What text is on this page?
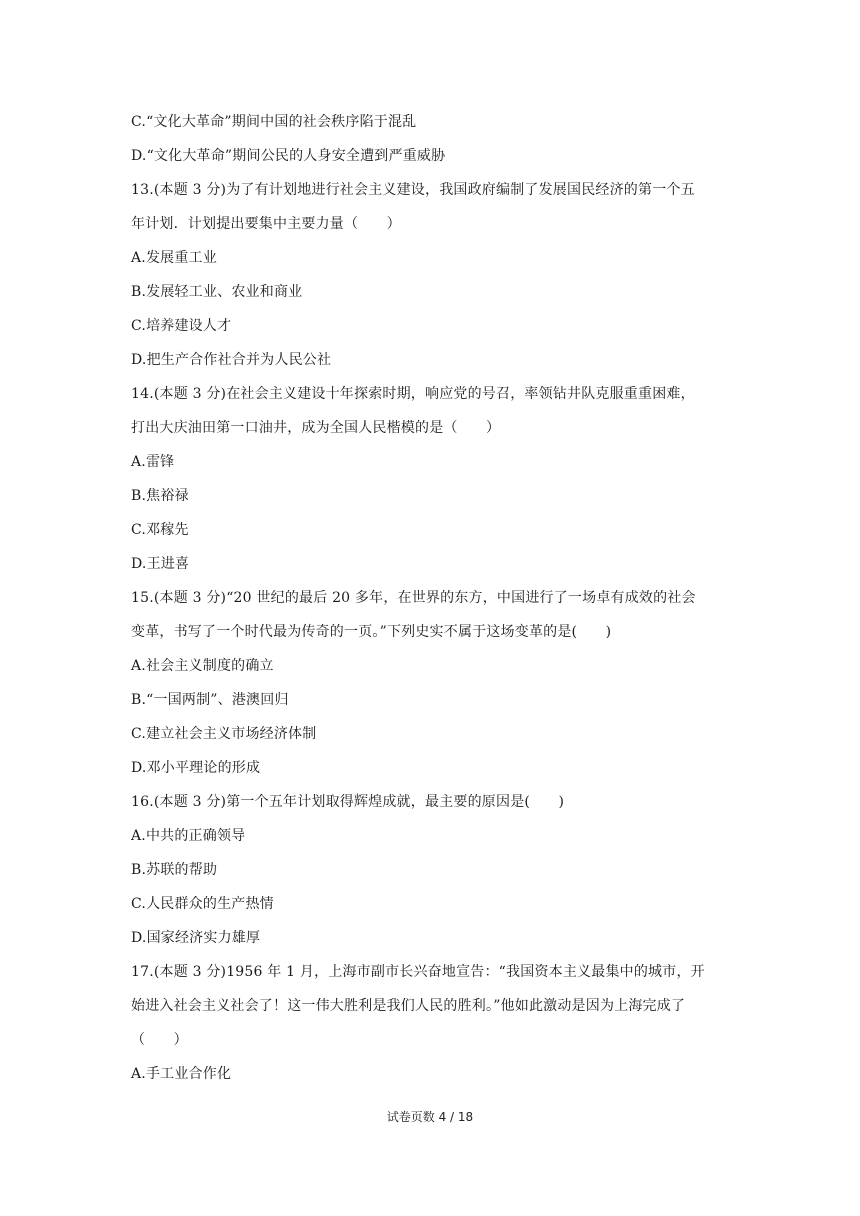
C.“文化大革命”期间中国的社会秩序陷于混乱
D.“文化大革命”期间公民的人身安全遭到严重威胁
13.(本题 3 分)为了有计划地进行社会主义建设，我国政府编制了发展国民经济的第一个五
年计划．计划提出要集中主要力量（　　）
A.发展重工业
B.发展轻工业、农业和商业
C.培养建设人才
D.把生产合作社合并为人民公社
14.(本题 3 分)在社会主义建设十年探索时期，响应党的号召，率领钻井队克服重重困难，
打出大庆油田第一口油井，成为全国人民楷模的是（　　）
A.雷锋
B.焦裕禄
C.邓稼先
D.王进喜
15.(本题 3 分)“20 世纪的最后 20 多年，在世界的东方，中国进行了一场卓有成效的社会
变革，书写了一个时代最为传奇的一页。”下列史实不属于这场变革的是(　　)
A.社会主义制度的确立
B.“一国两制”、港澳回归
C.建立社会主义市场经济体制
D.邓小平理论的形成
16.(本题 3 分)第一个五年计划取得辉煌成就，最主要的原因是(　　)
A.中共的正确领导
B.苏联的帮助
C.人民群众的生产热情
D.国家经济实力雄厚
17.(本题 3 分)1956 年 1 月，上海市副市长兴奋地宣告：“我国资本主义最集中的城市，开
始进入社会主义社会了！这一伟大胜利是我们人民的胜利。”他如此激动是因为上海完成了
（　　）
A.手工业合作化
试卷页数 4 / 18
